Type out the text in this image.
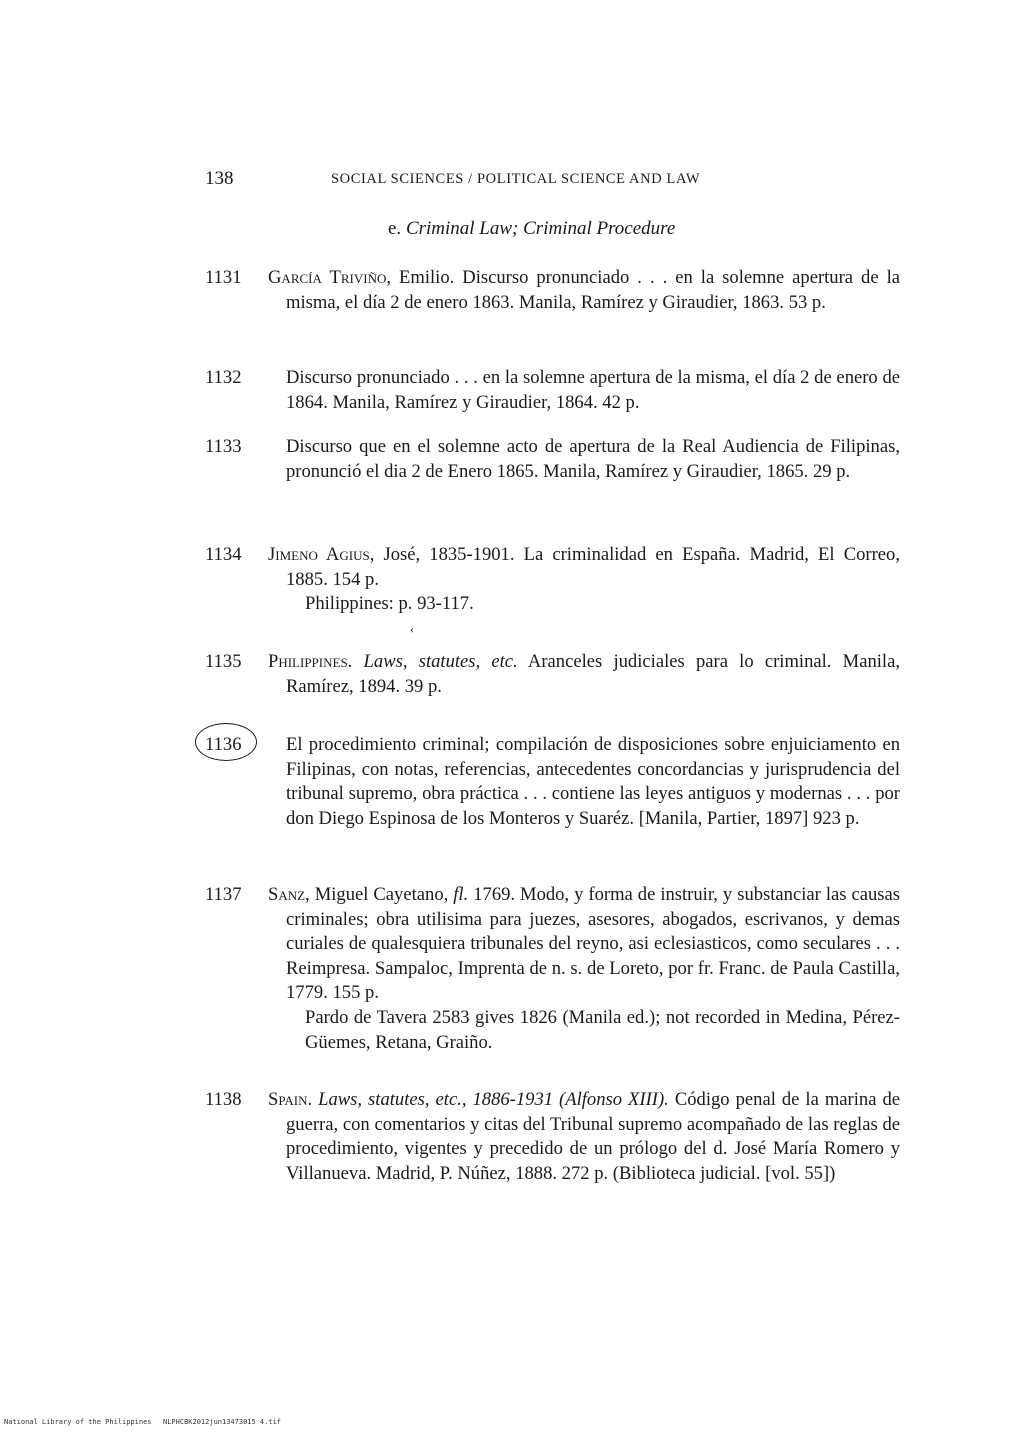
138	SOCIAL SCIENCES / POLITICAL SCIENCE AND LAW
e. Criminal Law; Criminal Procedure
1131	García Triviño, Emilio. Discurso pronunciado . . . en la solemne apertura de la misma, el día 2 de enero 1863. Manila, Ramírez y Giraudier, 1863. 53 p.
1132	Discurso pronunciado . . . en la solemne apertura de la misma, el día 2 de enero de 1864. Manila, Ramírez y Giraudier, 1864. 42 p.
1133	Discurso que en el solemne acto de apertura de la Real Audiencia de Filipinas, pronunció el dia 2 de Enero 1865. Manila, Ramírez y Giraudier, 1865. 29 p.
1134	Jimeno Agius, José, 1835-1901. La criminalidad en España. Madrid, El Correo, 1885. 154 p.
Philippines: p. 93-117.
‹
1135	Philippines. Laws, statutes, etc. Aranceles judiciales para lo criminal. Manila, Ramírez, 1894. 39 p.
1136	El procedimiento criminal; compilación de disposiciones sobre enjuiciamento en Filipinas, con notas, referencias, antecedentes concordancias y jurisprudencia del tribunal supremo, obra práctica . . . contiene las leyes antiguos y modernas . . . por don Diego Espinosa de los Monteros y Suaréz. [Manila, Partier, 1897] 923 p.
1137	Sanz, Miguel Cayetano, fl. 1769. Modo, y forma de instruir, y substanciar las causas criminales; obra utilisima para juezes, asesores, abogados, escrivanos, y demas curiales de qualesquiera tribunales del reyno, asi eclesiasticos, como seculares . . . Reimpresa. Sampaloc, Imprenta de n. s. de Loreto, por fr. Franc. de Paula Castilla, 1779. 155 p.
Pardo de Tavera 2583 gives 1826 (Manila ed.); not recorded in Medina, Pérez-Güemes, Retana, Graiño.
1138	Spain. Laws, statutes, etc., 1886-1931 (Alfonso XIII). Código penal de la marina de guerra, con comentarios y citas del Tribunal supremo acompañado de las reglas de procedimiento, vigentes y precedido de un prólogo del d. José María Romero y Villanueva. Madrid, P. Núñez, 1888. 272 p. (Biblioteca judicial. [vol. 55])
National Library of the Philippines NLPHCBK2012jun13473015 4.tif
